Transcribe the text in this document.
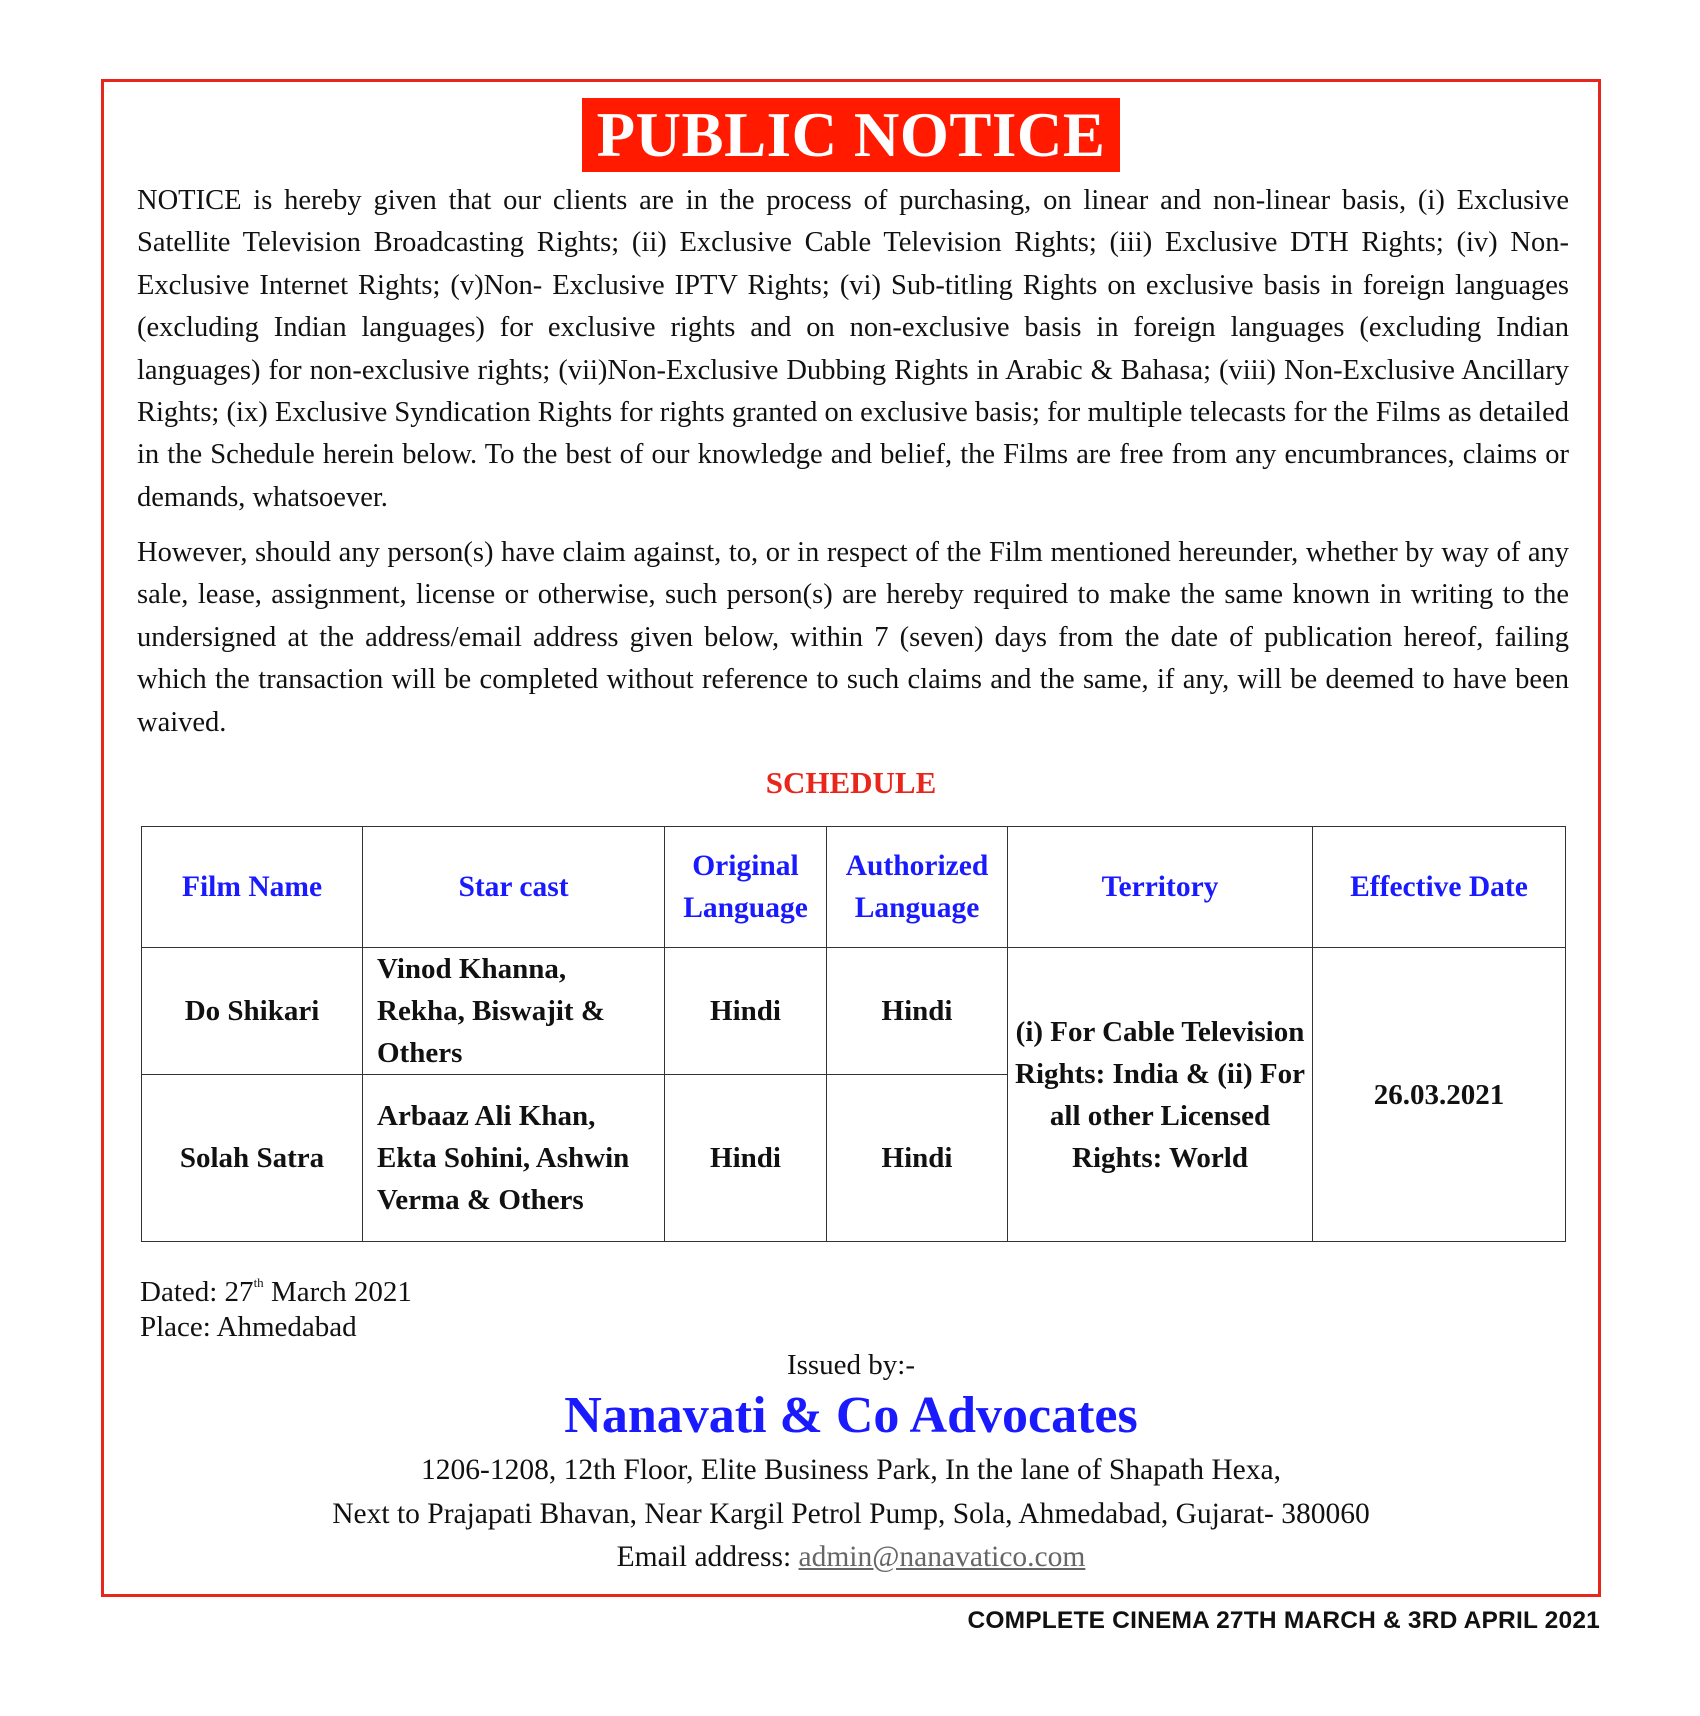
PUBLIC NOTICE

NOTICE is hereby given that our clients are in the process of purchasing, on linear and non-linear basis, (i) Exclusive Satellite Television Broadcasting Rights; (ii) Exclusive Cable Television Rights; (iii) Exclusive DTH Rights; (iv) Non-Exclusive Internet Rights; (v)Non- Exclusive IPTV Rights; (vi) Sub-titling Rights on exclusive basis in foreign languages (excluding Indian languages) for exclusive rights and on non-exclusive basis in foreign languages (excluding Indian languages) for non-exclusive rights; (vii)Non-Exclusive Dubbing Rights in Arabic & Bahasa; (viii) Non-Exclusive Ancillary Rights; (ix) Exclusive Syndication Rights for rights granted on exclusive basis; for multiple telecasts for the Films as detailed in the Schedule herein below. To the best of our knowledge and belief, the Films are free from any encumbrances, claims or demands, whatsoever.

However, should any person(s) have claim against, to, or in respect of the Film mentioned hereunder, whether by way of any sale, lease, assignment, license or otherwise, such person(s) are hereby required to make the same known in writing to the undersigned at the address/email address given below, within 7 (seven) days from the date of publication hereof, failing which the transaction will be completed without reference to such claims and the same, if any, will be deemed to have been waived.

SCHEDULE
Film Name	Star cast	Original Language	Authorized Language	Territory	Effective Date
Do Shikari	Vinod Khanna, Rekha, Biswajit & Others	Hindi	Hindi	(i) For Cable Television Rights: India & (ii) For all other Licensed Rights: World	26.03.2021
Solah Satra	Arbaaz Ali Khan, Ekta Sohini, Ashwin Verma & Others	Hindi	Hindi		
Dated: 27th March 2021
Place: Ahmedabad
Issued by:-
Nanavati & Co Advocates
1206-1208, 12th Floor, Elite Business Park, In the lane of Shapath Hexa,
Next to Prajapati Bhavan, Near Kargil Petrol Pump, Sola, Ahmedabad, Gujarat- 380060
Email address: admin@nanavatico.com
COMPLETE CINEMA 27TH MARCH & 3RD APRIL 2021
